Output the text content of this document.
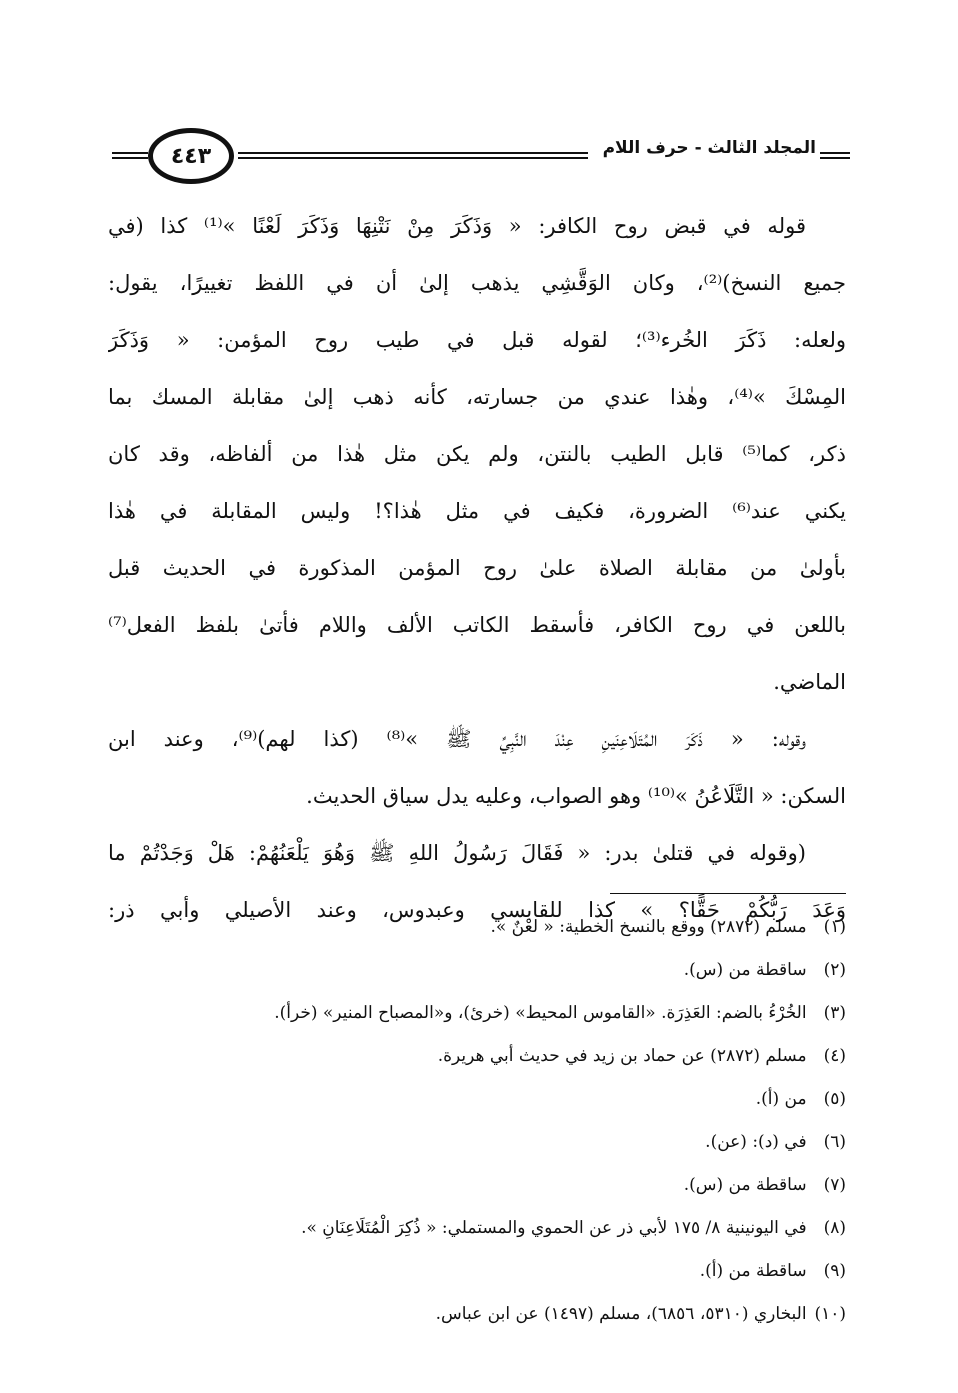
المجلد الثالث - حرف اللام
٤٤٣
قوله في قبض روح الكافر: « وَذَكَرَ مِنْ نَتْنِهَا وَذَكَرَ لَعْنًا »⁽¹⁾ كذا (في
جميع النسخ)⁽²⁾، وكان الوَقَّشِي يذهب إلىٰ أن في اللفظ تغييرًا، يقول:
ولعله: ذَكَرَ الخُرء⁽³⁾؛ لقوله قبل في طيب روح المؤمن: « وَذَكَرَ
المِسْكَ »⁽⁴⁾، وهٰذا عندي من جسارته، كأنه ذهب إلىٰ مقابلة المسك بما
ذكر، كما⁽⁵⁾ قابل الطيب بالنتن، ولم يكن مثل هٰذا من ألفاظه، وقد كان
يكني عند⁽⁶⁾ الضرورة، فكيف في مثل هٰذا؟! وليس المقابلة في هٰذا
بأولىٰ من مقابلة الصلاة علىٰ روح المؤمن المذكورة في الحديث قبل
باللعن في روح الكافر، فأسقط الكاتب الألف واللام فأتىٰ بلفظ الفعل⁽⁷⁾
الماضي.
وقوله: « ذَكَرَ المُتَلَاعِنَينِ عِنْدَ النَّبِيِّ ﷺ »⁽⁸⁾ (كذا لهم)⁽⁹⁾، وعند ابن
السكن: « التَّلَاعُنُ »⁽¹⁰⁾ وهو الصواب، وعليه يدل سياق الحديث.
(وقوله في قتلىٰ بدر: « فَقَالَ رَسُولُ اللهِ ﷺ وَهُوَ يَلْعَنُهُمْ: هَلْ وَجَدْتُمْ ما
وَعَدَ رَبُّكُمْ حَقًّا؟ » كذا للقابسي وعبدوس، وعند الأصيلي وأبي ذر:
(١) مسلم (٢٨٧٢) ووقع بالنسخ الخطية: « لعْنٌ ».
(٢) ساقطة من (س).
(٣) الخُرْءُ بالضم: العَذِرَة. «القاموس المحيط» (خرئ)، و«المصباح المنير» (خرأ).
(٤) مسلم (٢٨٧٢) عن حماد بن زيد في حديث أبي هريرة.
(٥) من (أ).
(٦) في (د): (عن).
(٧) ساقطة من (س).
(٨) في اليونينية ٨/ ١٧٥ لأبي ذر عن الحموي والمستملي: « ذُكِرَ الْمُتَلَاعِنَانِ ».
(٩) ساقطة من (أ).
(١٠) البخاري (٥٣١٠، ٦٨٥٦)، مسلم (١٤٩٧) عن ابن عباس.
